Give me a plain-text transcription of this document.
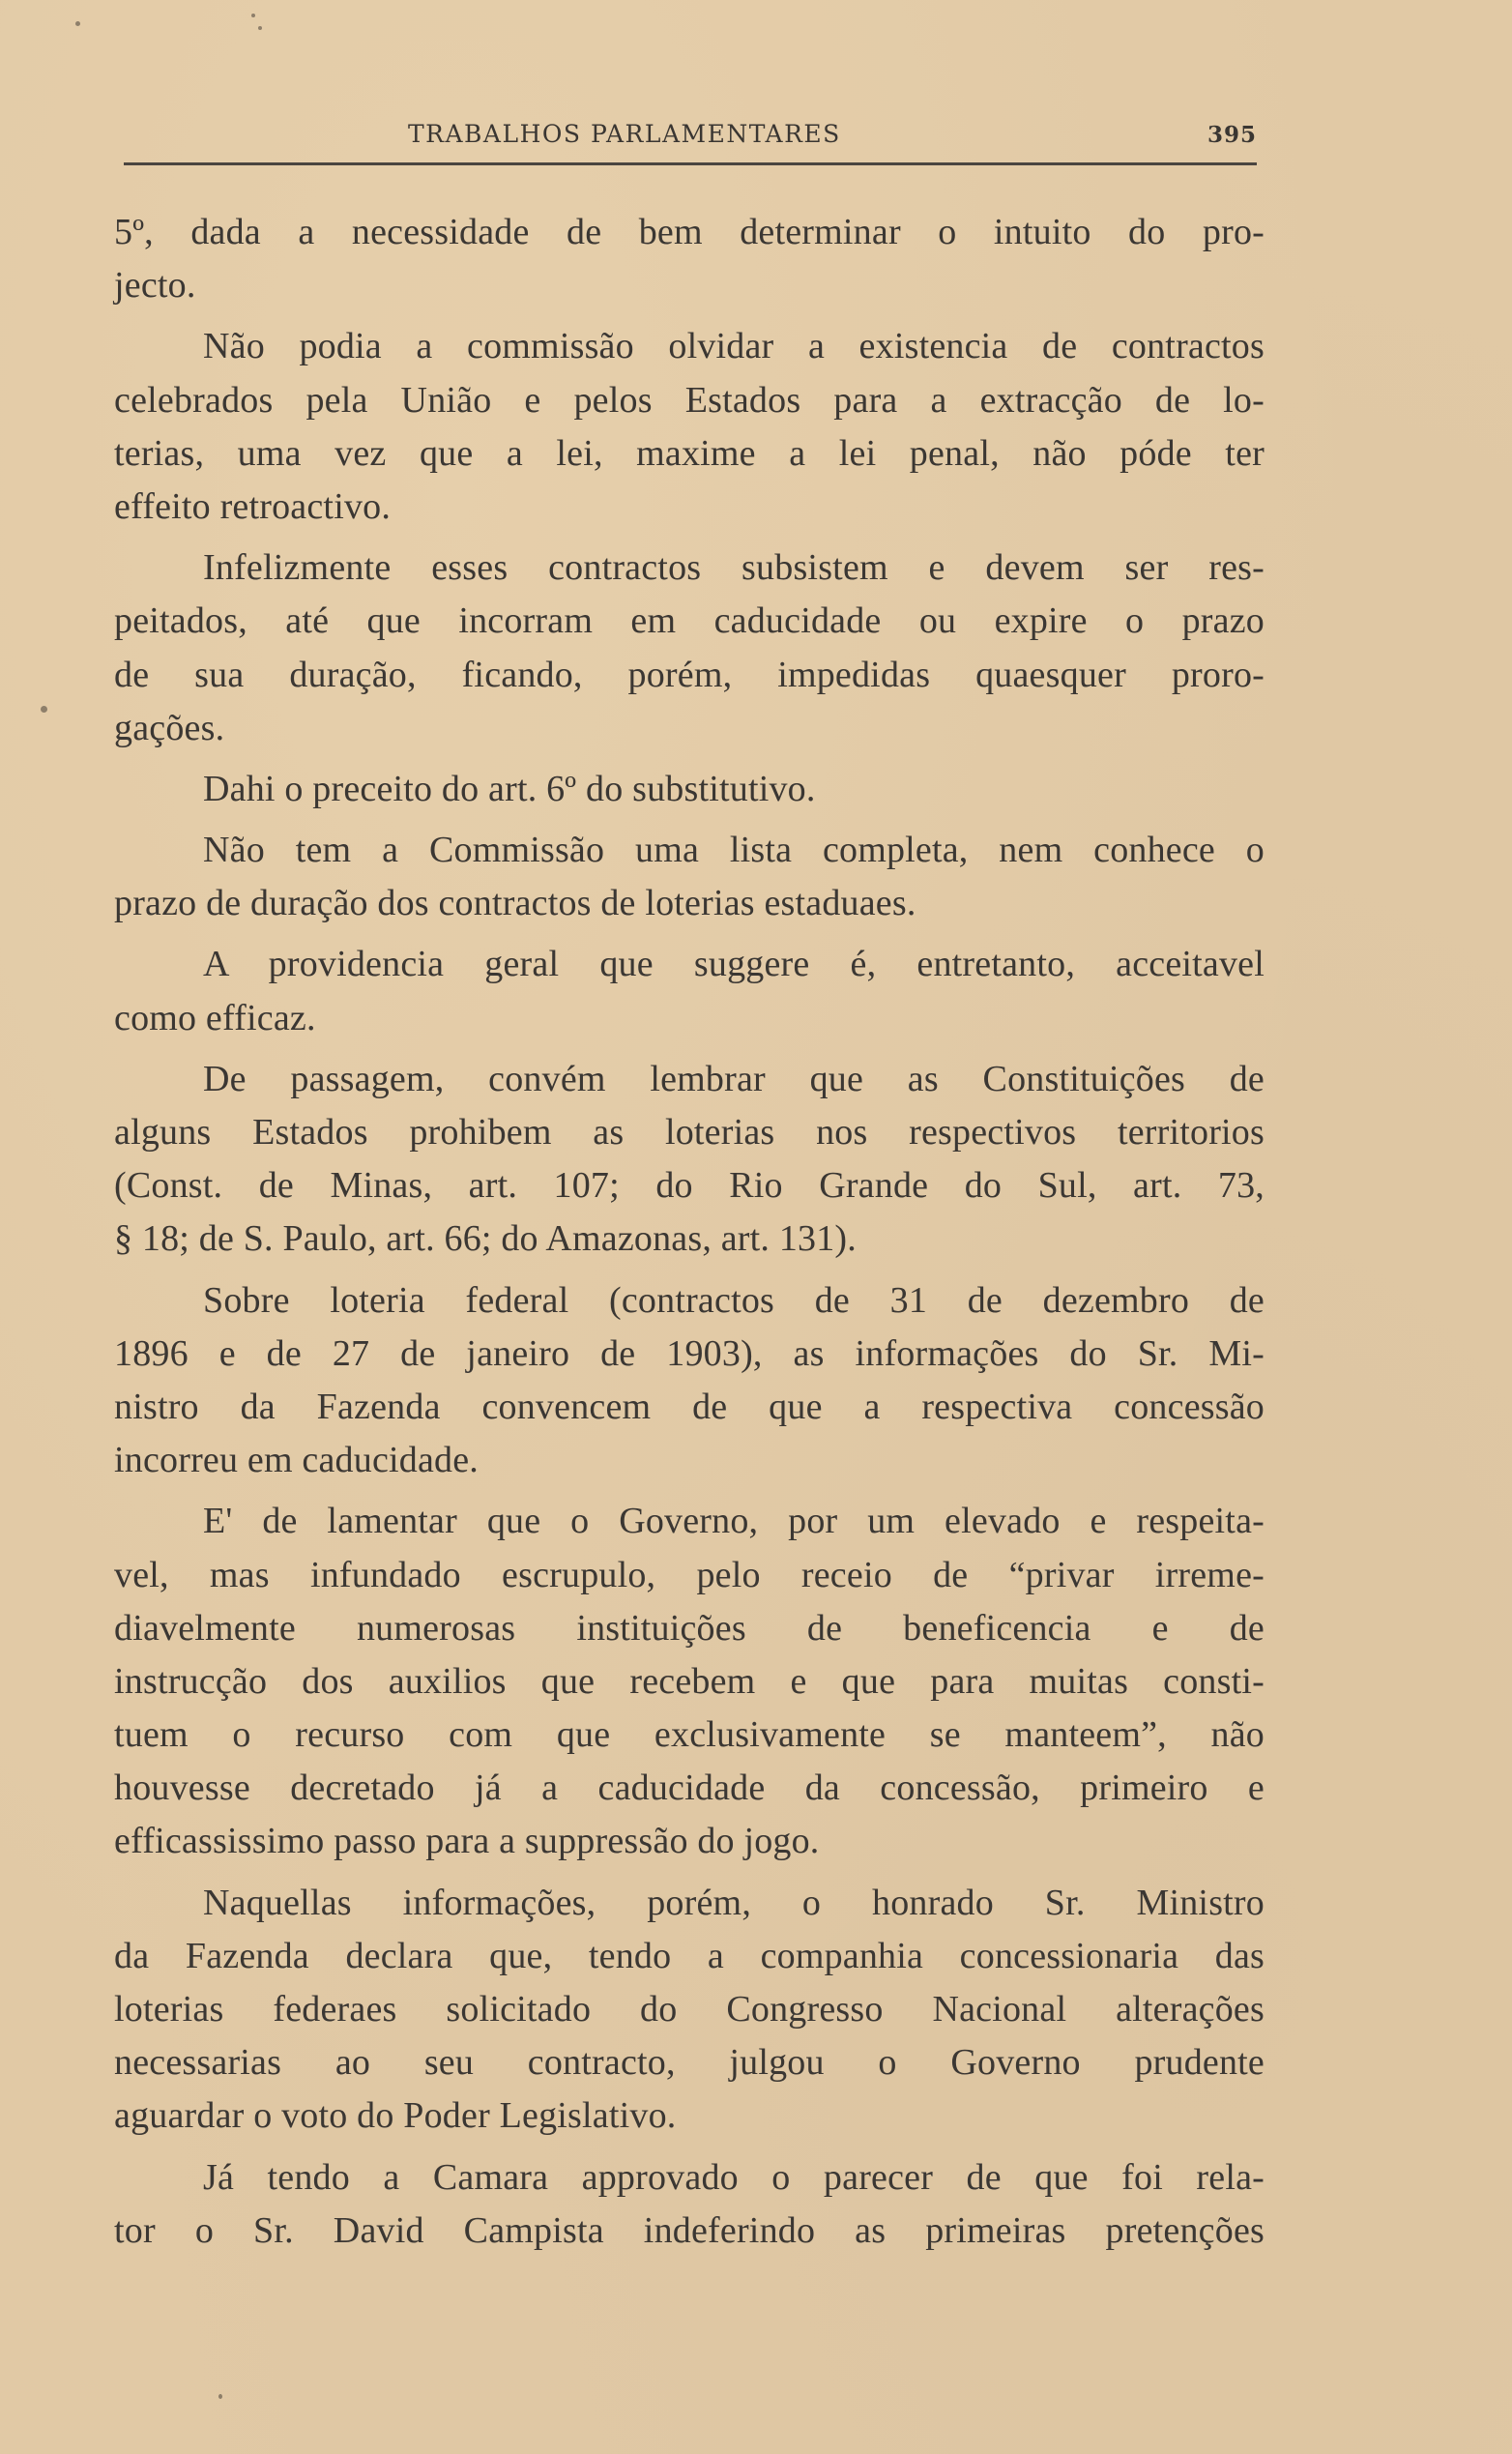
TRABALHOS PARLAMENTARES	395
5º, dada a necessidade de bem determinar o intuito do pro-
jecto.
Não podia a commissão olvidar a existencia de contractos
celebrados pela União e pelos Estados para a extracção de lo-
terias, uma vez que a lei, maxime a lei penal, não póde ter
effeito retroactivo.
Infelizmente esses contractos subsistem e devem ser res-
peitados, até que incorram em caducidade ou expire o prazo
de sua duração, ficando, porém, impedidas quaesquer proro-
gações.
Dahi o preceito do art. 6º do substitutivo.
Não tem a Commissão uma lista completa, nem conhece o
prazo de duração dos contractos de loterias estaduaes.
A providencia geral que suggere é, entretanto, acceitavel
como efficaz.
De passagem, convém lembrar que as Constituições de
alguns Estados prohibem as loterias nos respectivos territorios
(Const. de Minas, art. 107; do Rio Grande do Sul, art. 73,
§ 18; de S. Paulo, art. 66; do Amazonas, art. 131).
Sobre loteria federal (contractos de 31 de dezembro de
1896 e de 27 de janeiro de 1903), as informações do Sr. Mi-
nistro da Fazenda convencem de que a respectiva concessão
incorreu em caducidade.
E' de lamentar que o Governo, por um elevado e respeita-
vel, mas infundado escrupulo, pelo receio de “privar irreme-
diavelmente numerosas instituições de beneficencia e de
instrucção dos auxilios que recebem e que para muitas consti-
tuem o recurso com que exclusivamente se manteem”, não
houvesse decretado já a caducidade da concessão, primeiro e
efficassissimo passo para a suppressão do jogo.
Naquellas informações, porém, o honrado Sr. Ministro
da Fazenda declara que, tendo a companhia concessionaria das
loterias federaes solicitado do Congresso Nacional alterações
necessarias ao seu contracto, julgou o Governo prudente
aguardar o voto do Poder Legislativo.
Já tendo a Camara approvado o parecer de que foi rela-
tor o Sr. David Campista indeferindo as primeiras pretenções
